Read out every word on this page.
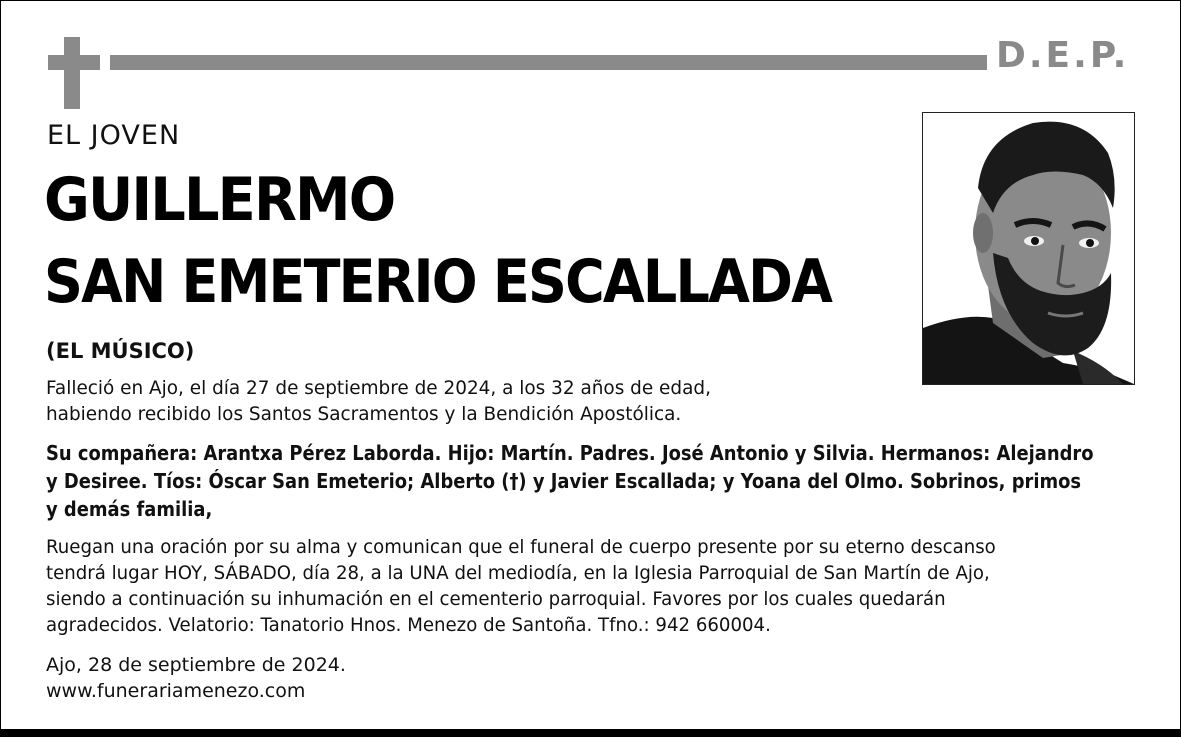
D.E.P.
EL JOVEN
GUILLERMO
SAN EMETERIO ESCALLADA
(EL MÚSICO)
Falleció en Ajo, el día 27 de septiembre de 2024, a los 32 años de edad,
habiendo recibido los Santos Sacramentos y la Bendición Apostólica.
Su compañera: Arantxa Pérez Laborda. Hijo: Martín. Padres. José Antonio y Silvia. Hermanos: Alejandro
y Desiree. Tíos: Óscar San Emeterio; Alberto (†) y Javier Escallada; y Yoana del Olmo. Sobrinos, primos
y demás familia,
Ruegan una oración por su alma y comunican que el funeral de cuerpo presente por su eterno descanso
tendrá lugar HOY, SÁBADO, día 28, a la UNA del mediodía, en la Iglesia Parroquial de San Martín de Ajo,
siendo a continuación su inhumación en el cementerio parroquial. Favores por los cuales quedarán
agradecidos. Velatorio: Tanatorio Hnos. Menezo de Santoña. Tfno.: 942 660004.
Ajo, 28 de septiembre de 2024.
www.funerariamenezo.com
